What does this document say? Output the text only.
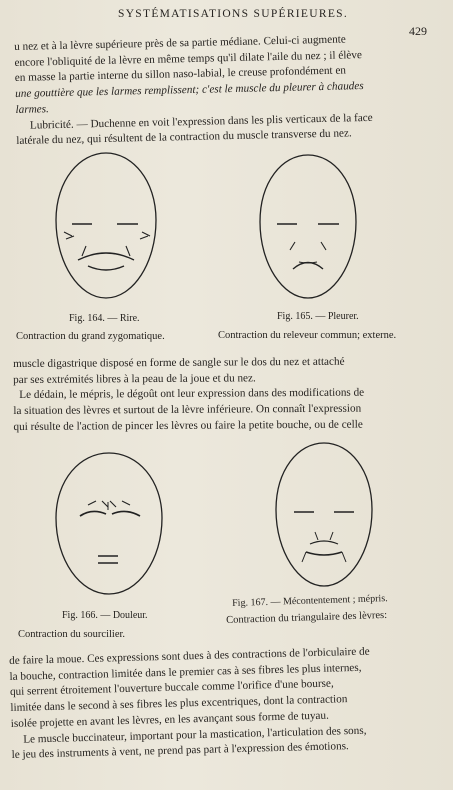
SYSTÉMATISATIONS SUPÉRIEURES.
429
u nez et à la lèvre supérieure près de sa partie médiane. Celui-ci augmente
encore l'obliquité de la lèvre en même temps qu'il dilate l'aile du nez ; il élève
en masse la partie interne du sillon naso-labial, le creuse profondément en
une gouttière que les larmes remplissent; c'est le muscle du pleurer à chaudes
larmes.
Lubricité. — Duchenne en voit l'expression dans les plis verticaux de la face
latérale du nez, qui résultent de la contraction du muscle transverse du nez.
Fig. 164. — Rire.	Fig. 165. — Pleurer.
Contraction du grand zygomatique.	Contraction du releveur commun; externe.
muscle digastrique disposé en forme de sangle sur le dos du nez et attaché
par ses extrémités libres à la peau de la joue et du nez.
Le dédain, le mépris, le dégoût ont leur expression dans des modifications de
la situation des lèvres et surtout de la lèvre inférieure. On connaît l'expression
qui résulte de l'action de pincer les lèvres ou faire la petite bouche, ou de celle
Fig. 166. — Douleur.
Fig. 167. — Mécontentement ; mépris.
Contraction du sourcilier.
Contraction du triangulaire des lèvres:
de faire la moue. Ces expressions sont dues à des contractions de l'orbiculaire de
la bouche, contraction limitée dans le premier cas à ses fibres les plus internes,
qui serrent étroitement l'ouverture buccale comme l'orifice d'une bourse,
limitée dans le second à ses fibres les plus excentriques, dont la contraction
isolée projette en avant les lèvres, en les avançant sous forme de tuyau.
Le muscle buccinateur, important pour la mastication, l'articulation des sons,
le jeu des instruments à vent, ne prend pas part à l'expression des émotions.
